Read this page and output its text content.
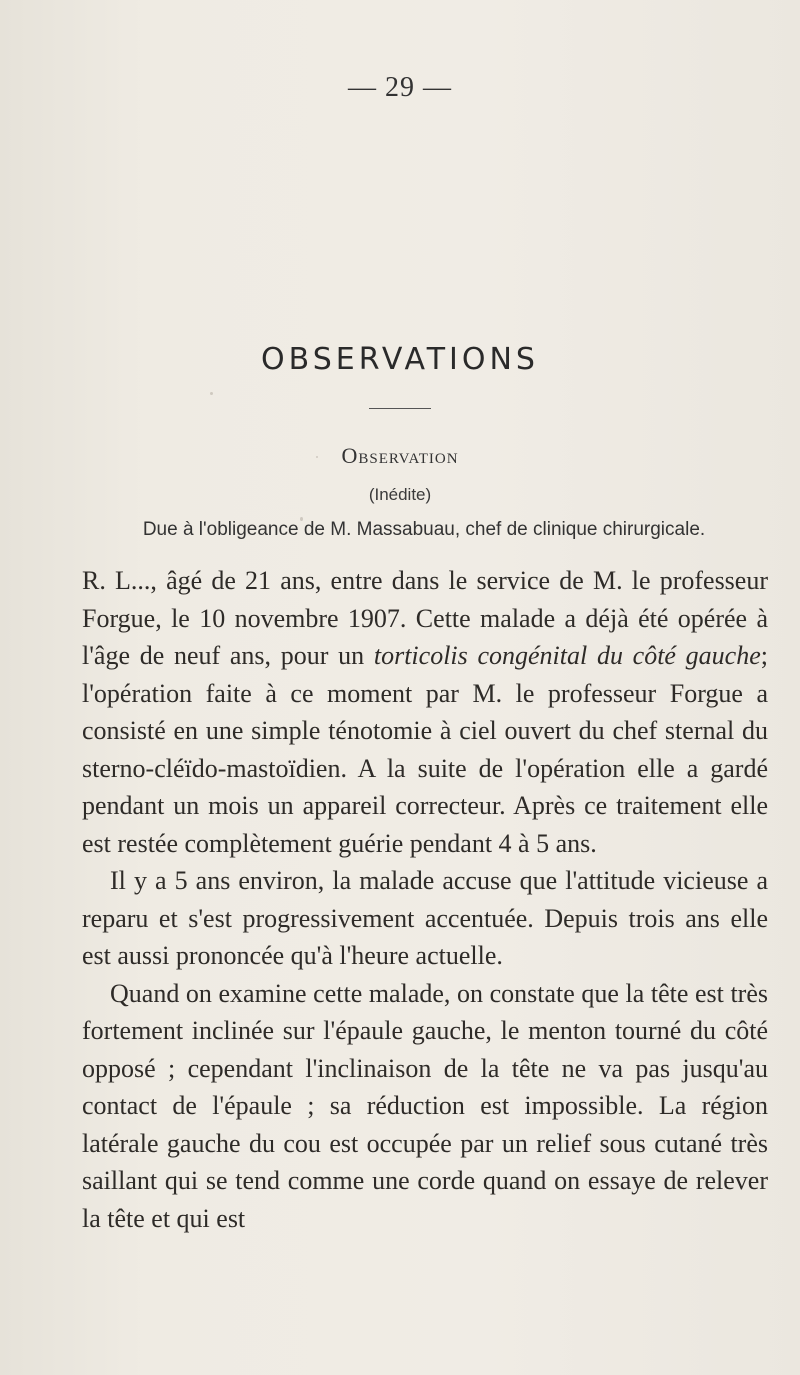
— 29 —
OBSERVATIONS
Observation
(Inédite)
Due à l'obligeance de M. Massabuau, chef de clinique chirurgicale.

R. L..., âgé de 21 ans, entre dans le service de M. le professeur Forgue, le 10 novembre 1907. Cette malade a déjà été opérée à l'âge de neuf ans, pour un torticolis congénital du côté gauche; l'opération faite à ce moment par M. le professeur Forgue a consisté en une simple ténotomie à ciel ouvert du chef sternal du sterno-cléïdo-mastoïdien. A la suite de l'opération elle a gardé pendant un mois un appareil correcteur. Après ce traitement elle est restée complètement guérie pendant 4 à 5 ans.

Il y a 5 ans environ, la malade accuse que l'attitude vicieuse a reparu et s'est progressivement accentuée. Depuis trois ans elle est aussi prononcée qu'à l'heure actuelle.

Quand on examine cette malade, on constate que la tête est très fortement inclinée sur l'épaule gauche, le menton tourné du côté opposé ; cependant l'inclinaison de la tête ne va pas jusqu'au contact de l'épaule ; sa réduction est impossible. La région latérale gauche du cou est occupée par un relief sous cutané très saillant qui se tend comme une corde quand on essaye de relever la tête et qui est
